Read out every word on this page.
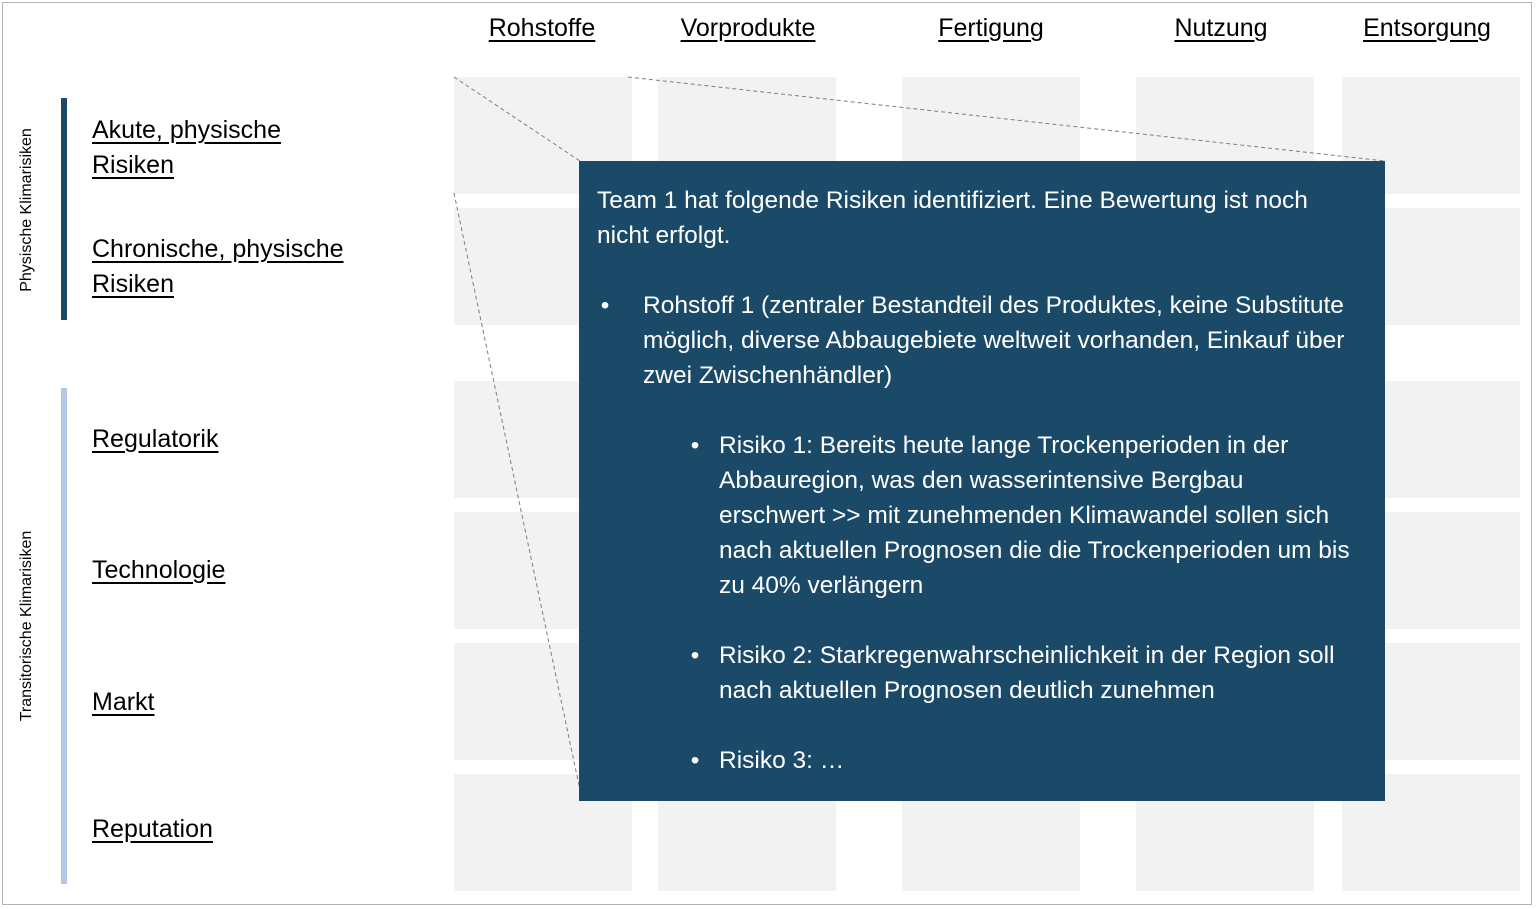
Rohstoffe	Vorprodukte	Fertigung	Nutzung	Entsorgung
Physische Klimarisiken
Transitorische Klimarisiken
Akute, physische Risiken
Chronische, physische Risiken
Regulatorik
Technologie
Markt
Reputation

Team 1 hat folgende Risiken identifiziert. Eine Bewertung ist noch nicht erfolgt.

• Rohstoff 1 (zentraler Bestandteil des Produktes, keine Substitute möglich, diverse Abbaugebiete weltweit vorhanden, Einkauf über zwei Zwischenhändler)
• Risiko 1: Bereits heute lange Trockenperioden in der Abbauregion, was den wasserintensive Bergbau erschwert >> mit zunehmenden Klimawandel sollen sich nach aktuellen Prognosen die die Trockenperioden um bis zu 40% verlängern
• Risiko 2: Starkregenwahrscheinlichkeit in der Region soll nach aktuellen Prognosen deutlich zunehmen
• Risiko 3: …
